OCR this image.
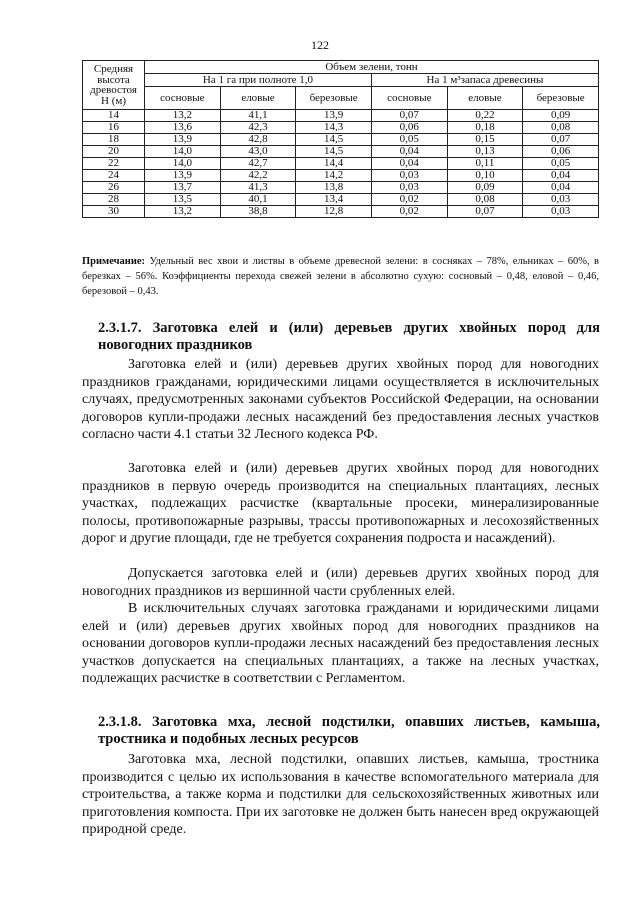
122
Средняя высота древостоя Н (м)	Объем зелени, тонн					
	На 1 га при полноте 1,0			На 1 м³запаса древесины		
	сосновые	еловые	березовые	сосновые	еловые	березовые
14	13,2	41,1	13,9	0,07	0,22	0,09
16	13,6	42,3	14,3	0,06	0,18	0,08
18	13,9	42,8	14,5	0,05	0,15	0,07
20	14,0	43,0	14,5	0,04	0,13	0,06
22	14,0	42,7	14,4	0,04	0,11	0,05
24	13,9	42,2	14,2	0,03	0,10	0,04
26	13,7	41,3	13,8	0,03	0,09	0,04
28	13,5	40,1	13,4	0,02	0,08	0,03
30	13,2	38,8	12,8	0,02	0,07	0,03
Примечание: Удельный вес хвои и листвы в объеме древесной зелени: в сосняках – 78%, ельниках – 60%, в березках – 56%. Коэффициенты перехода свежей зелени в абсолютно сухую: сосновый – 0,48, еловой – 0,46, березовой – 0,43.
2.3.1.7. Заготовка елей и (или) деревьев других хвойных пород для новогодних праздников

Заготовка елей и (или) деревьев других хвойных пород для новогодних праздников гражданами, юридическими лицами осуществляется в исключительных случаях, предусмотренных законами субъектов Российской Федерации, на основании договоров купли-продажи лесных насаждений без предоставления лесных участков согласно части 4.1 статьи 32 Лесного кодекса РФ.

Заготовка елей и (или) деревьев других хвойных пород для новогодних праздников в первую очередь производится на специальных плантациях, лесных участках, подлежащих расчистке (квартальные просеки, минерализированные полосы, противопожарные разрывы, трассы противопожарных и лесохозяйственных дорог и другие площади, где не требуется сохранения подроста и насаждений).

Допускается заготовка елей и (или) деревьев других хвойных пород для новогодних праздников из вершинной части срубленных елей.

В исключительных случаях заготовка гражданами и юридическими лицами елей и (или) деревьев других хвойных пород для новогодних праздников на основании договоров купли-продажи лесных насаждений без предоставления лесных участков допускается на специальных плантациях, а также на лесных участках, подлежащих расчистке в соответствии с Регламентом.

2.3.1.8. Заготовка мха, лесной подстилки, опавших листьев, камыша, тростника и подобных лесных ресурсов

Заготовка мха, лесной подстилки, опавших листьев, камыша, тростника производится с целью их использования в качестве вспомогательного материала для строительства, а также корма и подстилки для сельскохозяйственных животных или приготовления компоста. При их заготовке не должен быть нанесен вред окружающей природной среде.
